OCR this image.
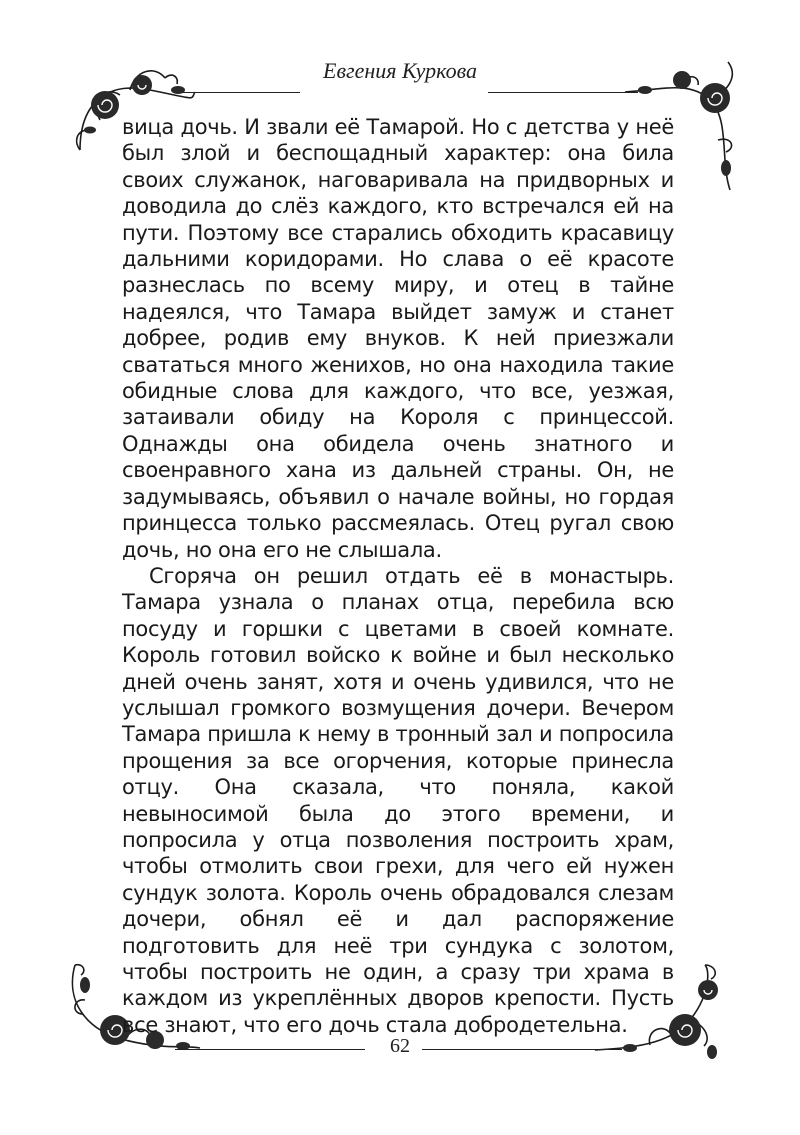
Евгения Куркова

вица дочь. И звали её Тамарой. Но с детства у неё был злой и беспощадный характер: она била своих служанок, наговаривала на придворных и доводила до слёз каждого, кто встречался ей на пути. Поэтому все старались обходить красавицу дальними коридорами. Но слава о её красоте разнеслась по всему миру, и отец в тайне надеялся, что Тамара выйдет замуж и станет добрее, родив ему внуков. К ней приезжали свататься много женихов, но она находила такие обидные слова для каждого, что все, уезжая, затаивали обиду на Короля с принцессой. Однажды она обидела очень знатного и своенравного хана из дальней страны. Он, не задумываясь, объявил о начале войны, но гордая принцесса только рассмеялась. Отец ругал свою дочь, но она его не слышала.

Сгоряча он решил отдать её в монастырь. Тамара узнала о планах отца, перебила всю посуду и горшки с цветами в своей комнате. Король готовил войско к войне и был несколько дней очень занят, хотя и очень удивился, что не услышал громкого возмущения дочери. Вечером Тамара пришла к нему в тронный зал и попросила прощения за все огорчения, которые принесла отцу. Она сказала, что поняла, какой невыносимой была до этого времени, и попросила у отца позволения построить храм, чтобы отмолить свои грехи, для чего ей нужен сундук золота. Король очень обрадовался слезам дочери, обнял её и дал распоряжение подготовить для неё три сундука с золотом, чтобы построить не один, а сразу три храма в каждом из укреплённых дворов крепости. Пусть все знают, что его дочь стала добродетельна.

62
